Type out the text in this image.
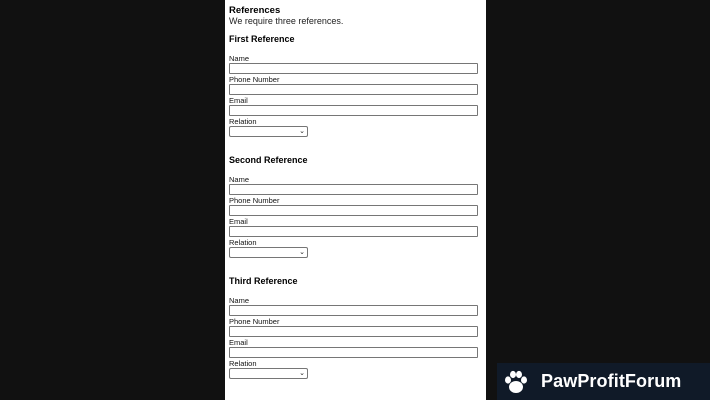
References
We require three references.
First Reference
Name
Phone Number
Email
Relation
⌄
Second Reference
Name
Phone Number
Email
Relation
⌄
Third Reference
Name
Phone Number
Email
Relation
⌄	PawProfitForum
